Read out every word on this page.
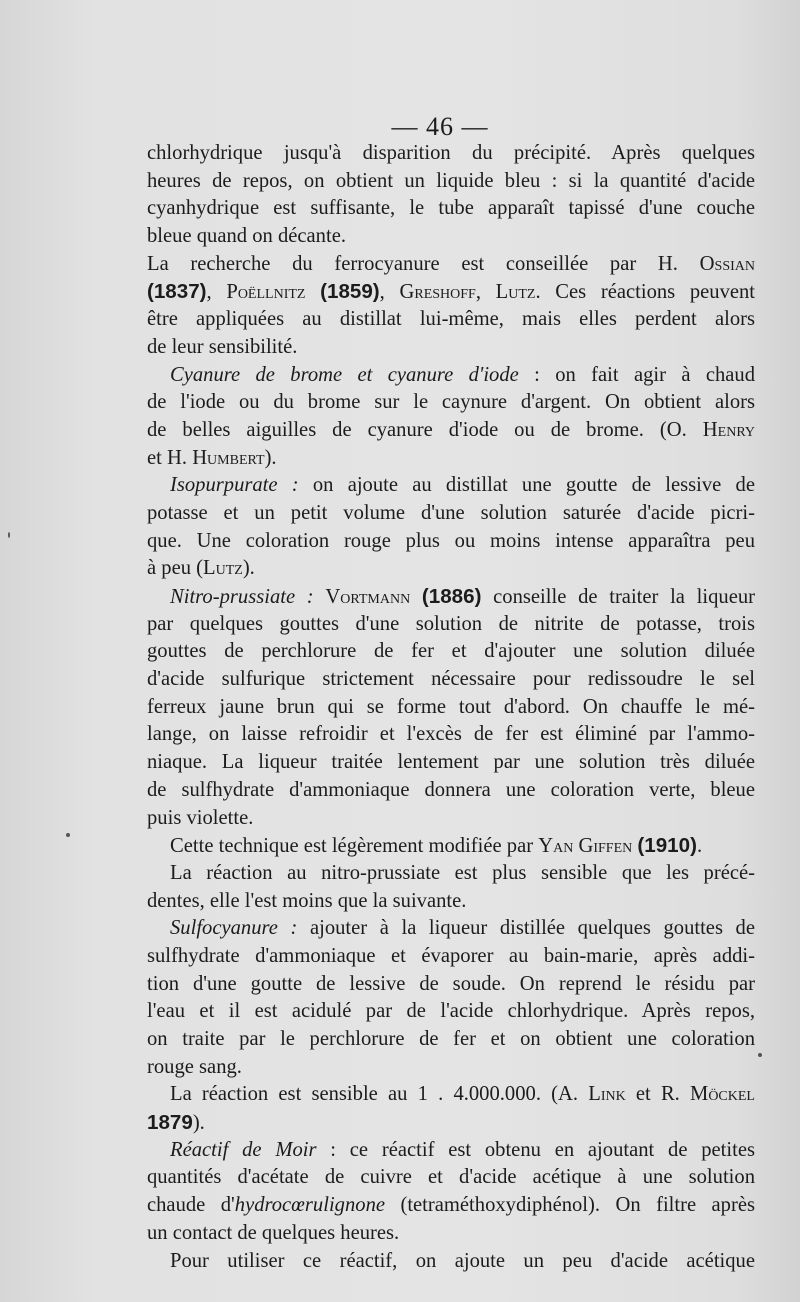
— 46 —
chlorhydrique jusqu'à disparition du précipité. Après quelques
heures de repos, on obtient un liquide bleu : si la quantité d'acide
cyanhydrique est suffisante, le tube apparaît tapissé d'une couche
bleue quand on décante.
La recherche du ferrocyanure est conseillée par H. Ossian
(1837), Poëllnitz (1859), Greshoff, Lutz. Ces réactions peuvent
être appliquées au distillat lui-même, mais elles perdent alors
de leur sensibilité.
Cyanure de brome et cyanure d'iode : on fait agir à chaud
de l'iode ou du brome sur le caynure d'argent. On obtient alors
de belles aiguilles de cyanure d'iode ou de brome. (O. Henry
et H. Humbert).
Isopurpurate : on ajoute au distillat une goutte de lessive de
potasse et un petit volume d'une solution saturée d'acide picri-
que. Une coloration rouge plus ou moins intense apparaîtra peu
à peu (Lutz).
Nitro-prussiate : Vortmann (1886) conseille de traiter la liqueur
par quelques gouttes d'une solution de nitrite de potasse, trois
gouttes de perchlorure de fer et d'ajouter une solution diluée
d'acide sulfurique strictement nécessaire pour redissoudre le sel
ferreux jaune brun qui se forme tout d'abord. On chauffe le mé-
lange, on laisse refroidir et l'excès de fer est éliminé par l'ammo-
niaque. La liqueur traitée lentement par une solution très diluée
de sulfhydrate d'ammoniaque donnera une coloration verte, bleue
puis violette.
Cette technique est légèrement modifiée par Yan Giffen (1910).
La réaction au nitro-prussiate est plus sensible que les précé-
dentes, elle l'est moins que la suivante.
Sulfocyanure : ajouter à la liqueur distillée quelques gouttes de
sulfhydrate d'ammoniaque et évaporer au bain-marie, après addi-
tion d'une goutte de lessive de soude. On reprend le résidu par
l'eau et il est acidulé par de l'acide chlorhydrique. Après repos,
on traite par le perchlorure de fer et on obtient une coloration
rouge sang.
La réaction est sensible au 1 . 4.000.000. (A. Link et R. Möckel
1879).
Réactif de Moir : ce réactif est obtenu en ajoutant de petites
quantités d'acétate de cuivre et d'acide acétique à une solution
chaude d'hydrocœrulignone (tetraméthoxydiphénol). On filtre après
un contact de quelques heures.
Pour utiliser ce réactif, on ajoute un peu d'acide acétique
